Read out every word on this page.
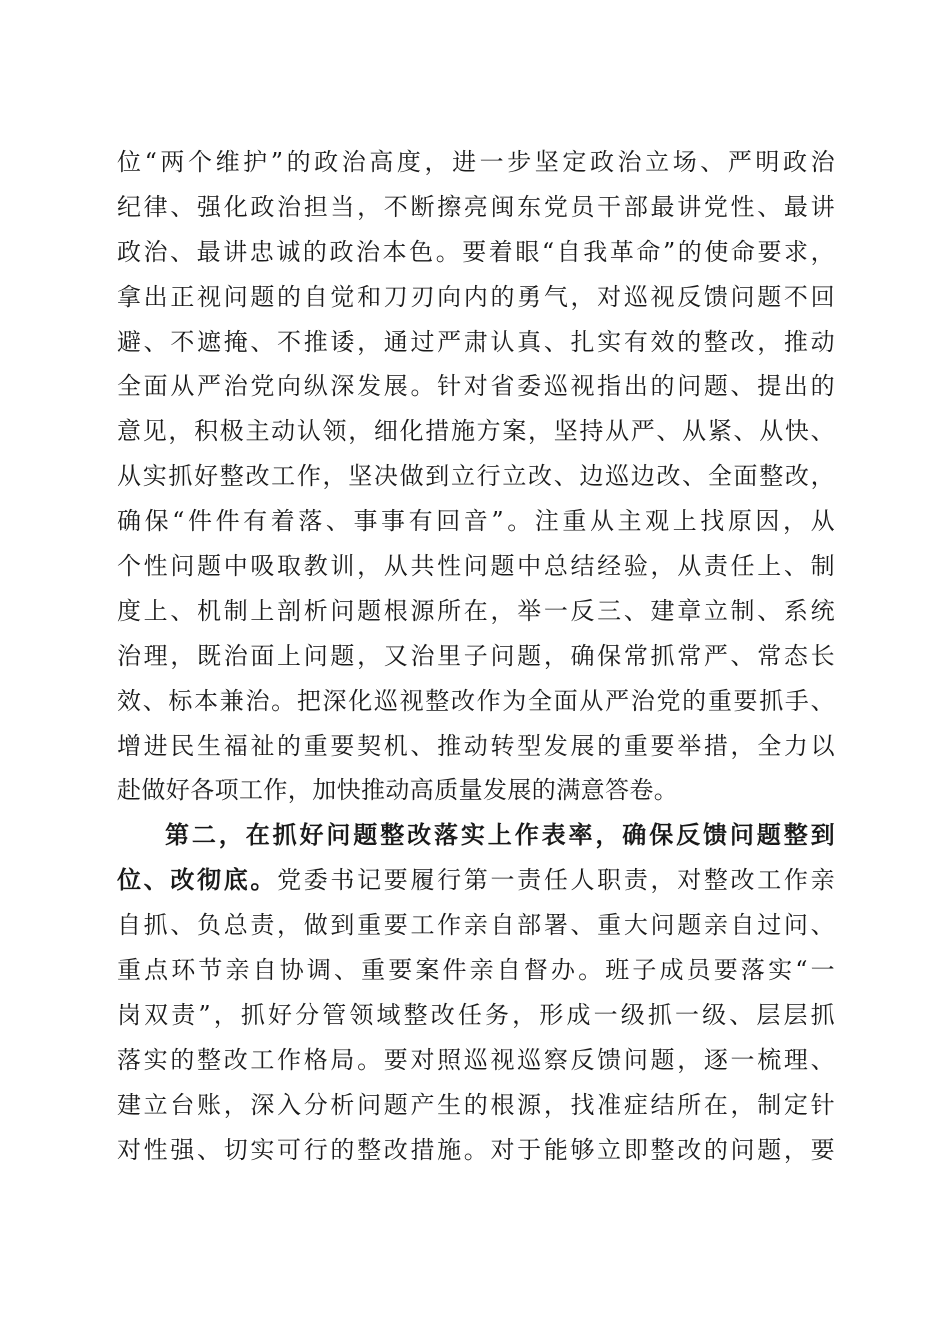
位“两个维护”的政治高度，进一步坚定政治立场、严明政治
纪律、强化政治担当，不断擦亮闽东党员干部最讲党性、最讲
政治、最讲忠诚的政治本色。要着眼“自我革命”的使命要求，
拿出正视问题的自觉和刀刃向内的勇气，对巡视反馈问题不回
避、不遮掩、不推诿，通过严肃认真、扎实有效的整改，推动
全面从严治党向纵深发展。针对省委巡视指出的问题、提出的
意见，积极主动认领，细化措施方案，坚持从严、从紧、从快、
从实抓好整改工作，坚决做到立行立改、边巡边改、全面整改，
确保“件件有着落、事事有回音”。注重从主观上找原因，从
个性问题中吸取教训，从共性问题中总结经验，从责任上、制
度上、机制上剖析问题根源所在，举一反三、建章立制、系统
治理，既治面上问题，又治里子问题，确保常抓常严、常态长
效、标本兼治。把深化巡视整改作为全面从严治党的重要抓手、
增进民生福祉的重要契机、推动转型发展的重要举措，全力以
赴做好各项工作，加快推动高质量发展的满意答卷。
第二，在抓好问题整改落实上作表率，确保反馈问题整到
位、改彻底。党委书记要履行第一责任人职责，对整改工作亲
自抓、负总责，做到重要工作亲自部署、重大问题亲自过问、
重点环节亲自协调、重要案件亲自督办。班子成员要落实“一
岗双责”，抓好分管领域整改任务，形成一级抓一级、层层抓
落实的整改工作格局。要对照巡视巡察反馈问题，逐一梳理、
建立台账，深入分析问题产生的根源，找准症结所在，制定针
对性强、切实可行的整改措施。对于能够立即整改的问题，要
